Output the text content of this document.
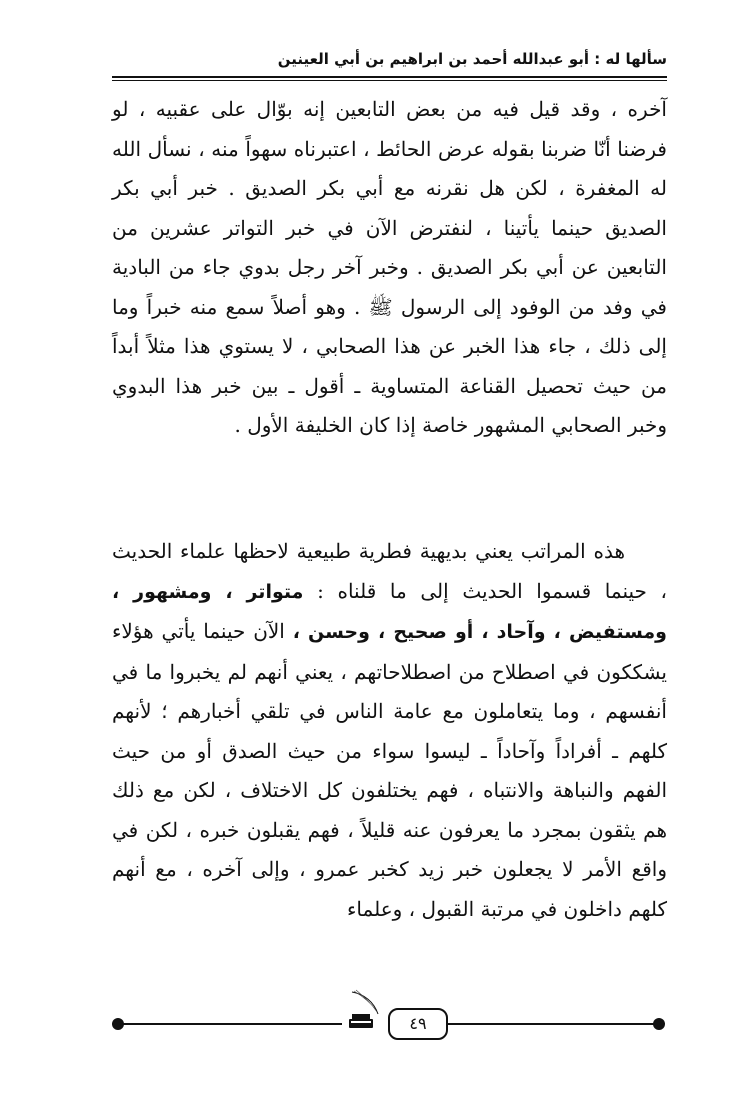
سألها له : أبو عبدالله أحمد بن ابراهيم بن أبي العينين

آخره ، وقد قيل فيه من بعض التابعين إنه بوّال على عقبيه ، لو فرضنا أنّا ضربنا بقوله عرض الحائط ، اعتبرناه سهواً منه ، نسأل الله له المغفرة ، لكن هل نقرنه مع أبي بكر الصديق . خبر أبي بكر الصديق حينما يأتينا ، لنفترض الآن في خبر التواتر عشرين من التابعين عن أبي بكر الصديق . وخبر آخر رجل بدوي جاء من البادية في وفد من الوفود إلى الرسول ﷺ . وهو أصلاً سمع منه خبراً وما إلى ذلك ، جاء هذا الخبر عن هذا الصحابي ، لا يستوي هذا مثلاً أبداً من حيث تحصيل القناعة المتساوية ـ أقول ـ بين خبر هذا البدوي وخبر الصحابي المشهور خاصة إذا كان الخليفة الأول .

هذه المراتب يعني بديهية فطرية طبيعية لاحظها علماء الحديث ، حينما قسموا الحديث إلى ما قلناه : متواتر ، ومشهور ، ومستفيض ، وآحاد ، أو صحيح ، وحسن ، الآن حينما يأتي هؤلاء يشككون في اصطلاح من اصطلاحاتهم ، يعني أنهم لم يخبروا ما في أنفسهم ، وما يتعاملون مع عامة الناس في تلقي أخبارهم ؛ لأنهم كلهم ـ أفراداً وآحاداً ـ ليسوا سواء من حيث الصدق أو من حيث الفهم والنباهة والانتباه ، فهم يختلفون كل الاختلاف ، لكن مع ذلك هم يثقون بمجرد ما يعرفون عنه قليلاً ، فهم يقبلون خبره ، لكن في واقع الأمر لا يجعلون خبر زيد كخبر عمرو ، وإلى آخره ، مع أنهم كلهم داخلون في مرتبة القبول ، وعلماء

٤٩
